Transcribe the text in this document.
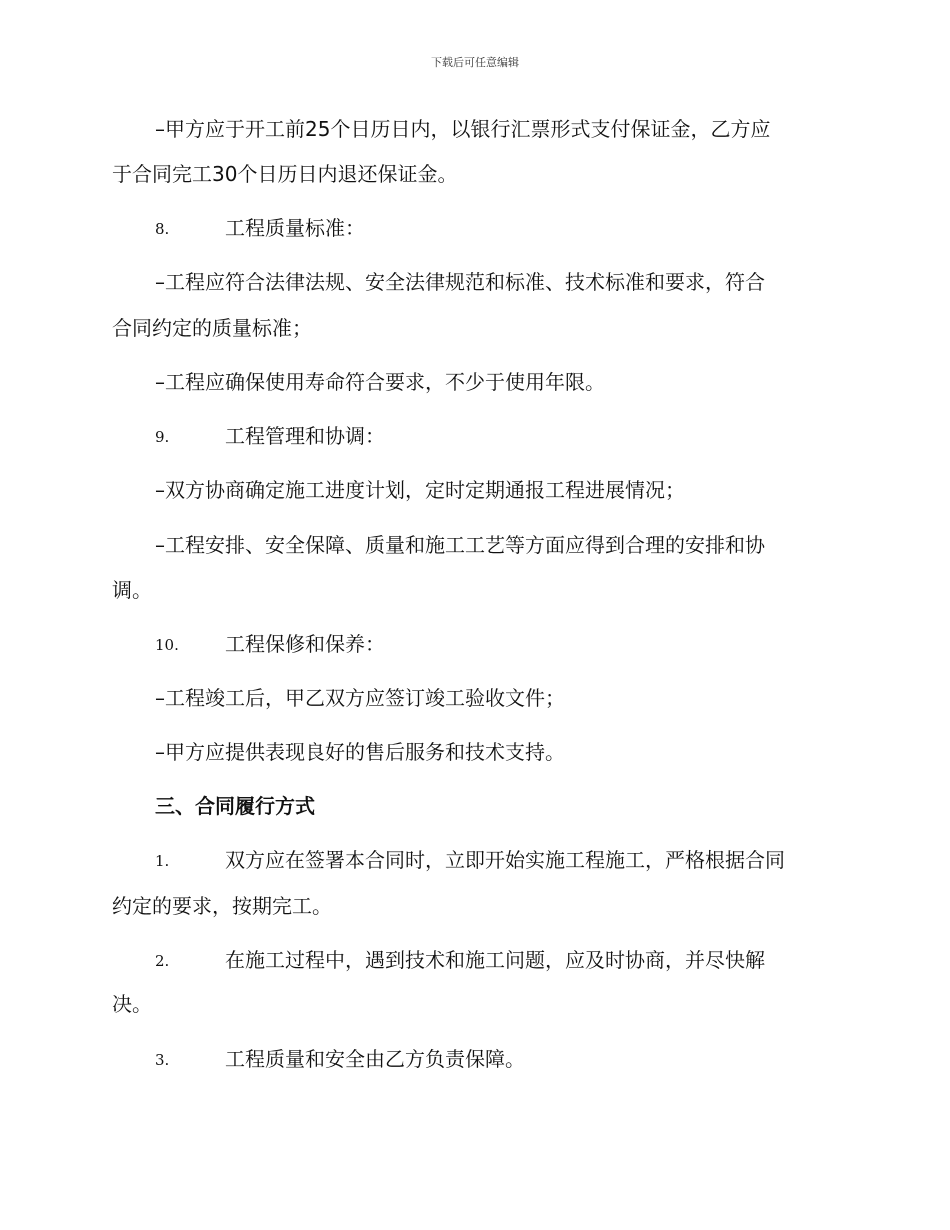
下载后可任意编辑
–甲方应于开工前25个日历日内，以银行汇票形式支付保证金，乙方应
于合同完工30个日历日内退还保证金。
8.	工程质量标准：
–工程应符合法律法规、安全法律规范和标准、技术标准和要求，符合
合同约定的质量标准；
–工程应确保使用寿命符合要求，不少于使用年限。
9.	工程管理和协调：
–双方协商确定施工进度计划，定时定期通报工程进展情况；
–工程安排、安全保障、质量和施工工艺等方面应得到合理的安排和协
调。
10. 工程保修和保养：
–工程竣工后，甲乙双方应签订竣工验收文件；
–甲方应提供表现良好的售后服务和技术支持。
三、合同履行方式
1.	双方应在签署本合同时，立即开始实施工程施工，严格根据合同
约定的要求，按期完工。
2.	在施工过程中，遇到技术和施工问题，应及时协商，并尽快解
决。
3.	工程质量和安全由乙方负责保障。
